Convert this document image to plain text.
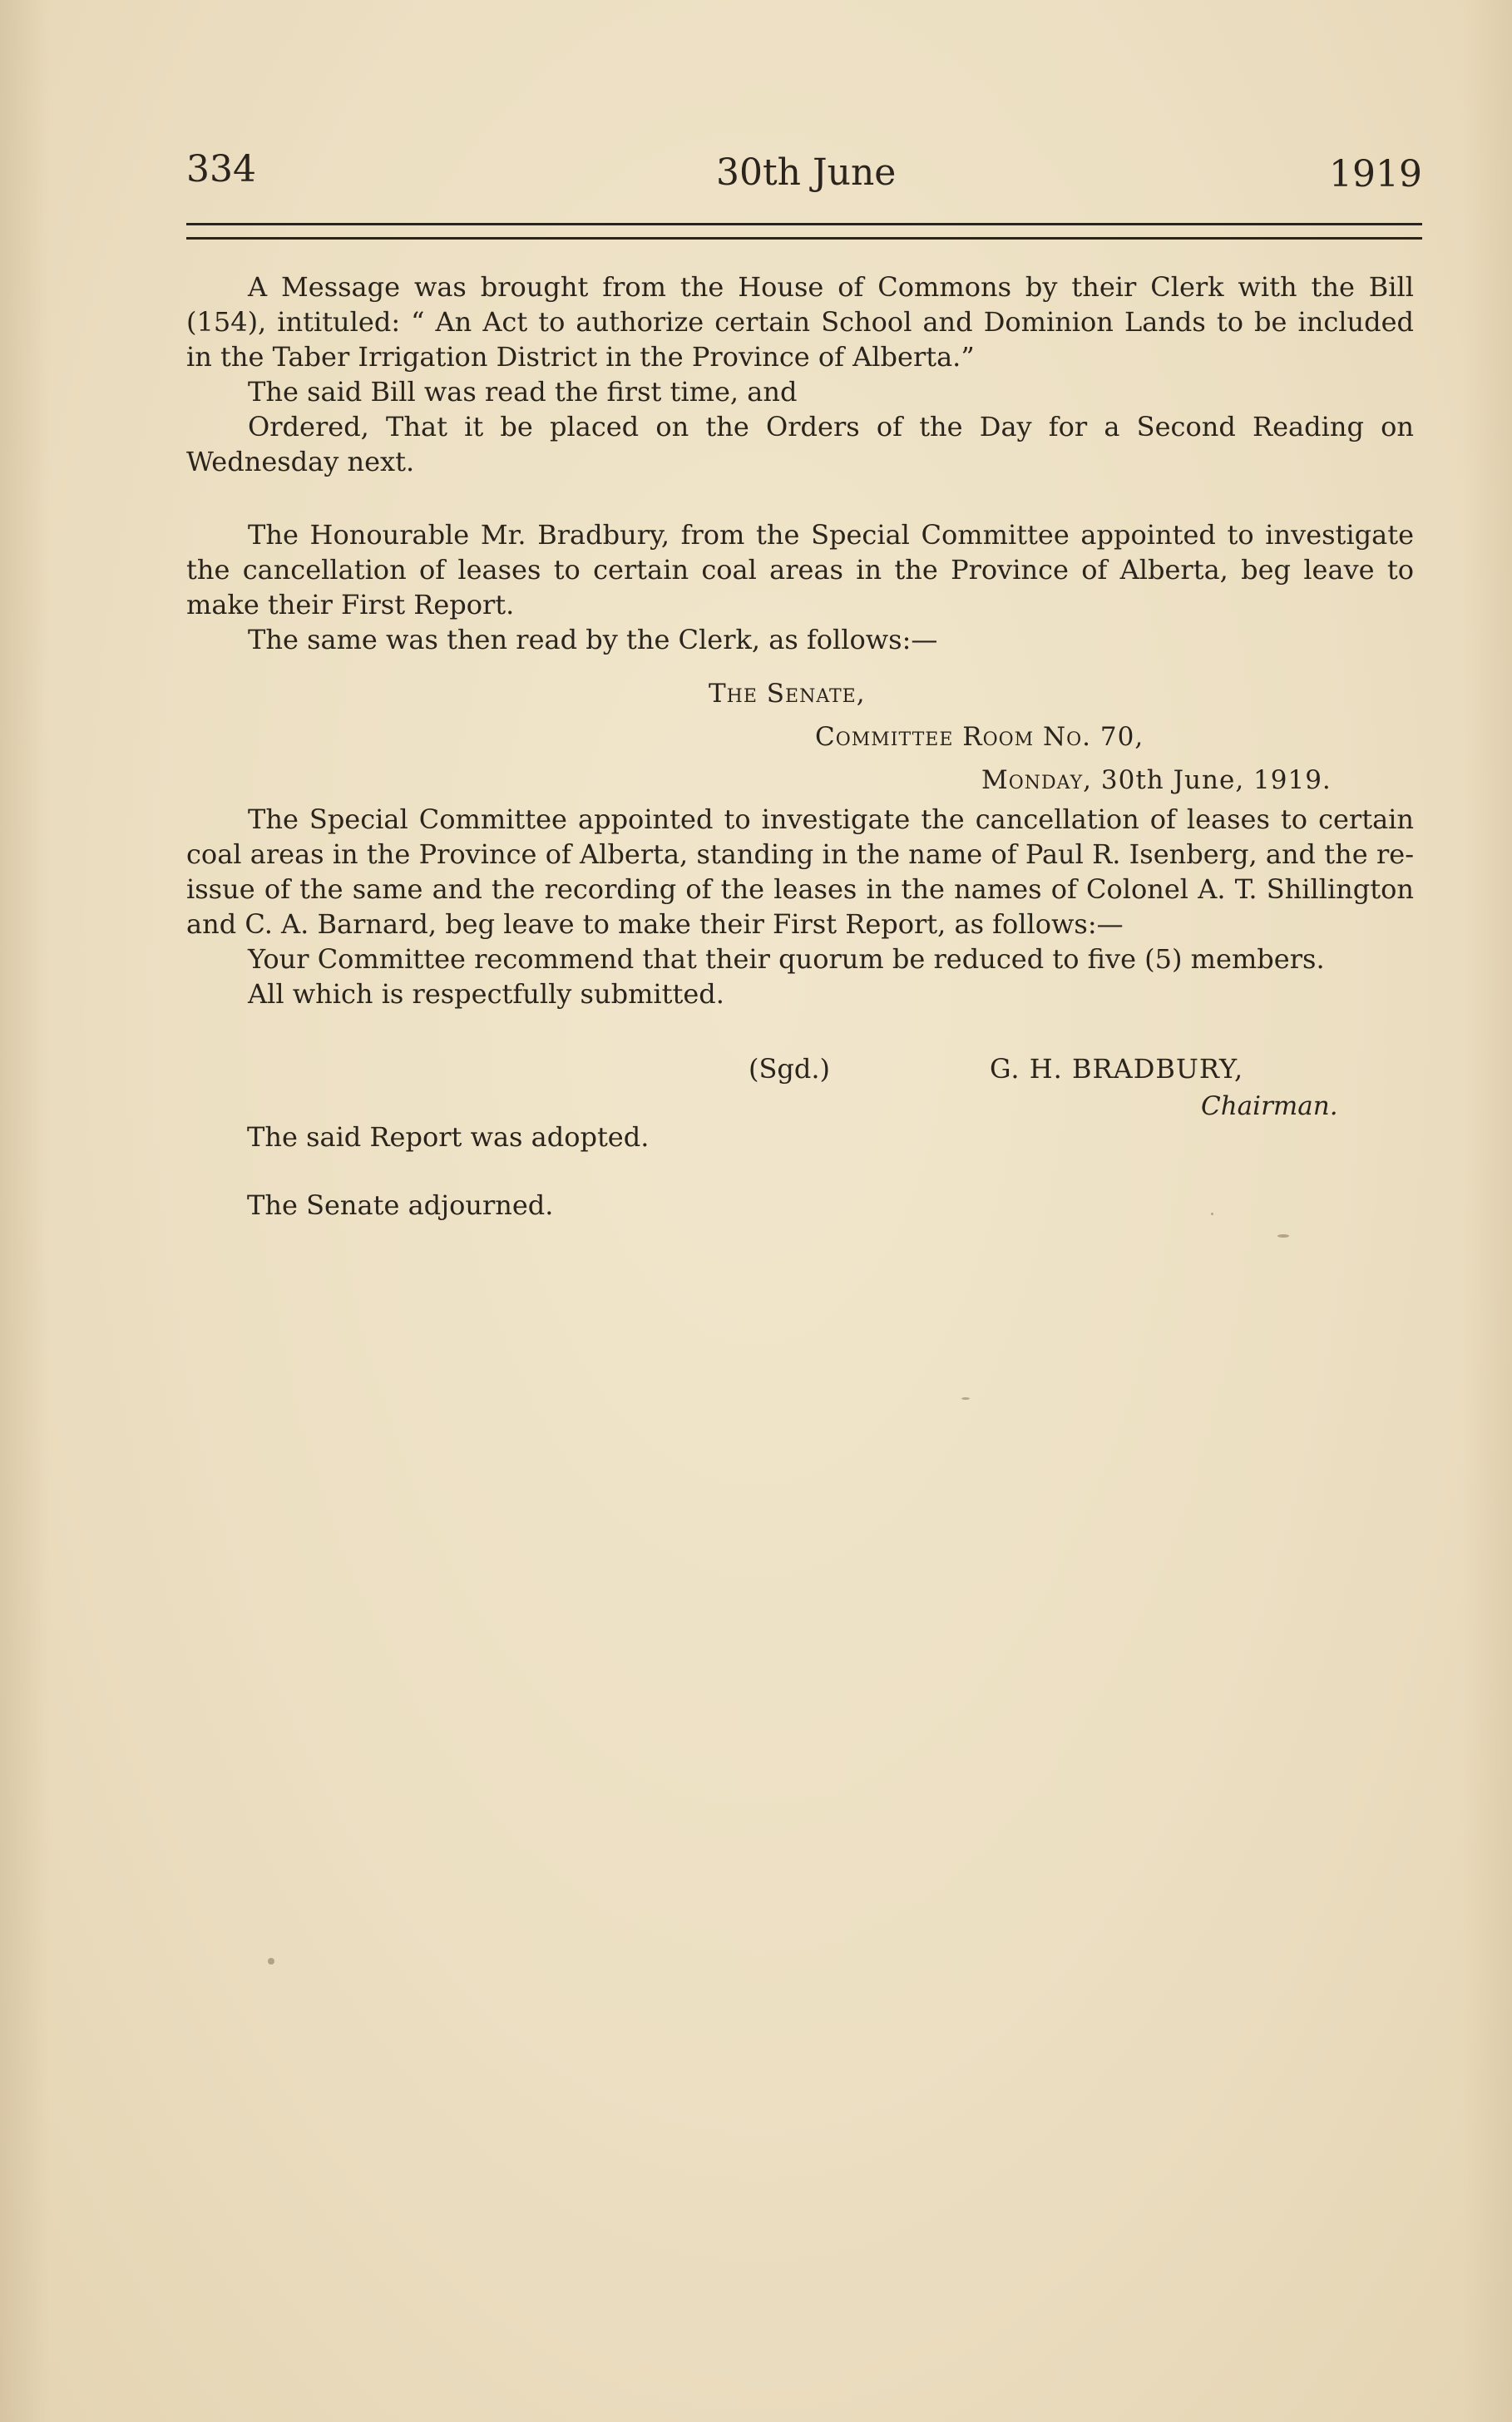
334	30th June	1919

A Message was brought from the House of Commons by their Clerk with the Bill (154), intituled: “ An Act to authorize certain School and Dominion Lands to be included in the Taber Irrigation District in the Province of Alberta.”

The said Bill was read the first time, and

Ordered, That it be placed on the Orders of the Day for a Second Reading on Wednesday next.

The Honourable Mr. Bradbury, from the Special Committee appointed to investigate the cancellation of leases to certain coal areas in the Province of Alberta, beg leave to make their First Report.

The same was then read by the Clerk, as follows:—

The Senate,
Committee Room No. 70,
Monday, 30th June, 1919.

The Special Committee appointed to investigate the cancellation of leases to certain coal areas in the Province of Alberta, standing in the name of Paul R. Isenberg, and the re-issue of the same and the recording of the leases in the names of Colonel A. T. Shillington and C. A. Barnard, beg leave to make their First Report, as follows:—

Your Committee recommend that their quorum be reduced to five (5) members.

All which is respectfully submitted.

(Sgd.)	G. H. BRADBURY,
Chairman.
The said Report was adopted.
The Senate adjourned.
